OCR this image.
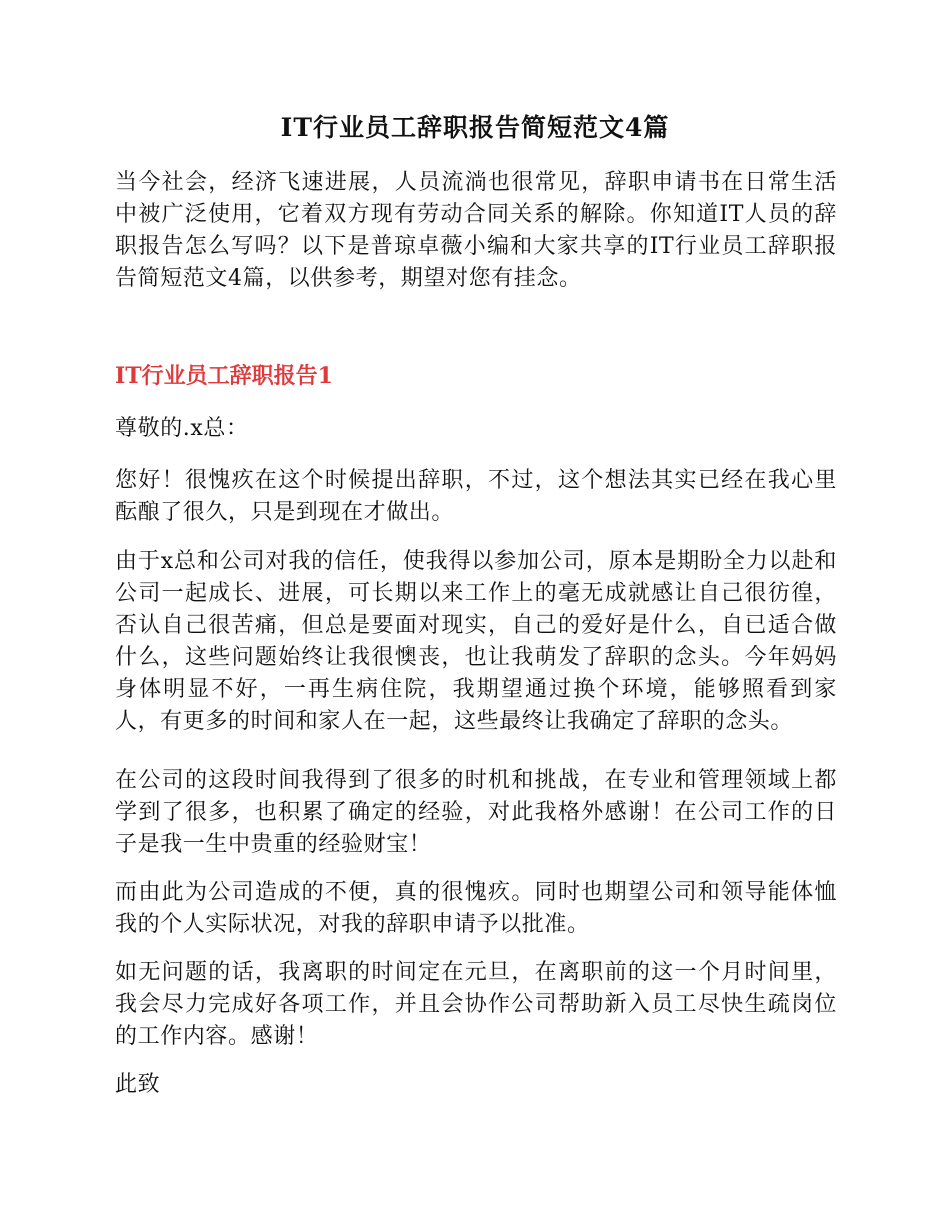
IT行业员工辞职报告简短范文4篇

当今社会，经济飞速进展，人员流淌也很常见，辞职申请书在日常生活中被广泛使用，它着双方现有劳动合同关系的解除。你知道IT人员的辞职报告怎么写吗？以下是普琼卓薇小编和大家共享的IT行业员工辞职报告简短范文4篇，以供参考，期望对您有挂念。

IT行业员工辞职报告1

尊敬的.x总：

您好！很愧疚在这个时候提出辞职，不过，这个想法其实已经在我心里酝酿了很久，只是到现在才做出。

由于x总和公司对我的信任，使我得以参加公司，原本是期盼全力以赴和公司一起成长、进展，可长期以来工作上的毫无成就感让自己很彷徨，否认自己很苦痛，但总是要面对现实，自己的爱好是什么，自已适合做什么，这些问题始终让我很懊丧，也让我萌发了辞职的念头。今年妈妈身体明显不好，一再生病住院，我期望通过换个环境，能够照看到家人，有更多的时间和家人在一起，这些最终让我确定了辞职的念头。

在公司的这段时间我得到了很多的时机和挑战，在专业和管理领域上都学到了很多，也积累了确定的经验，对此我格外感谢！在公司工作的日子是我一生中贵重的经验财宝！

而由此为公司造成的不便，真的很愧疚。同时也期望公司和领导能体恤我的个人实际状况，对我的辞职申请予以批准。

如无问题的话，我离职的时间定在元旦，在离职前的这一个月时间里，我会尽力完成好各项工作，并且会协作公司帮助新入员工尽快生疏岗位的工作内容。感谢！

此致
